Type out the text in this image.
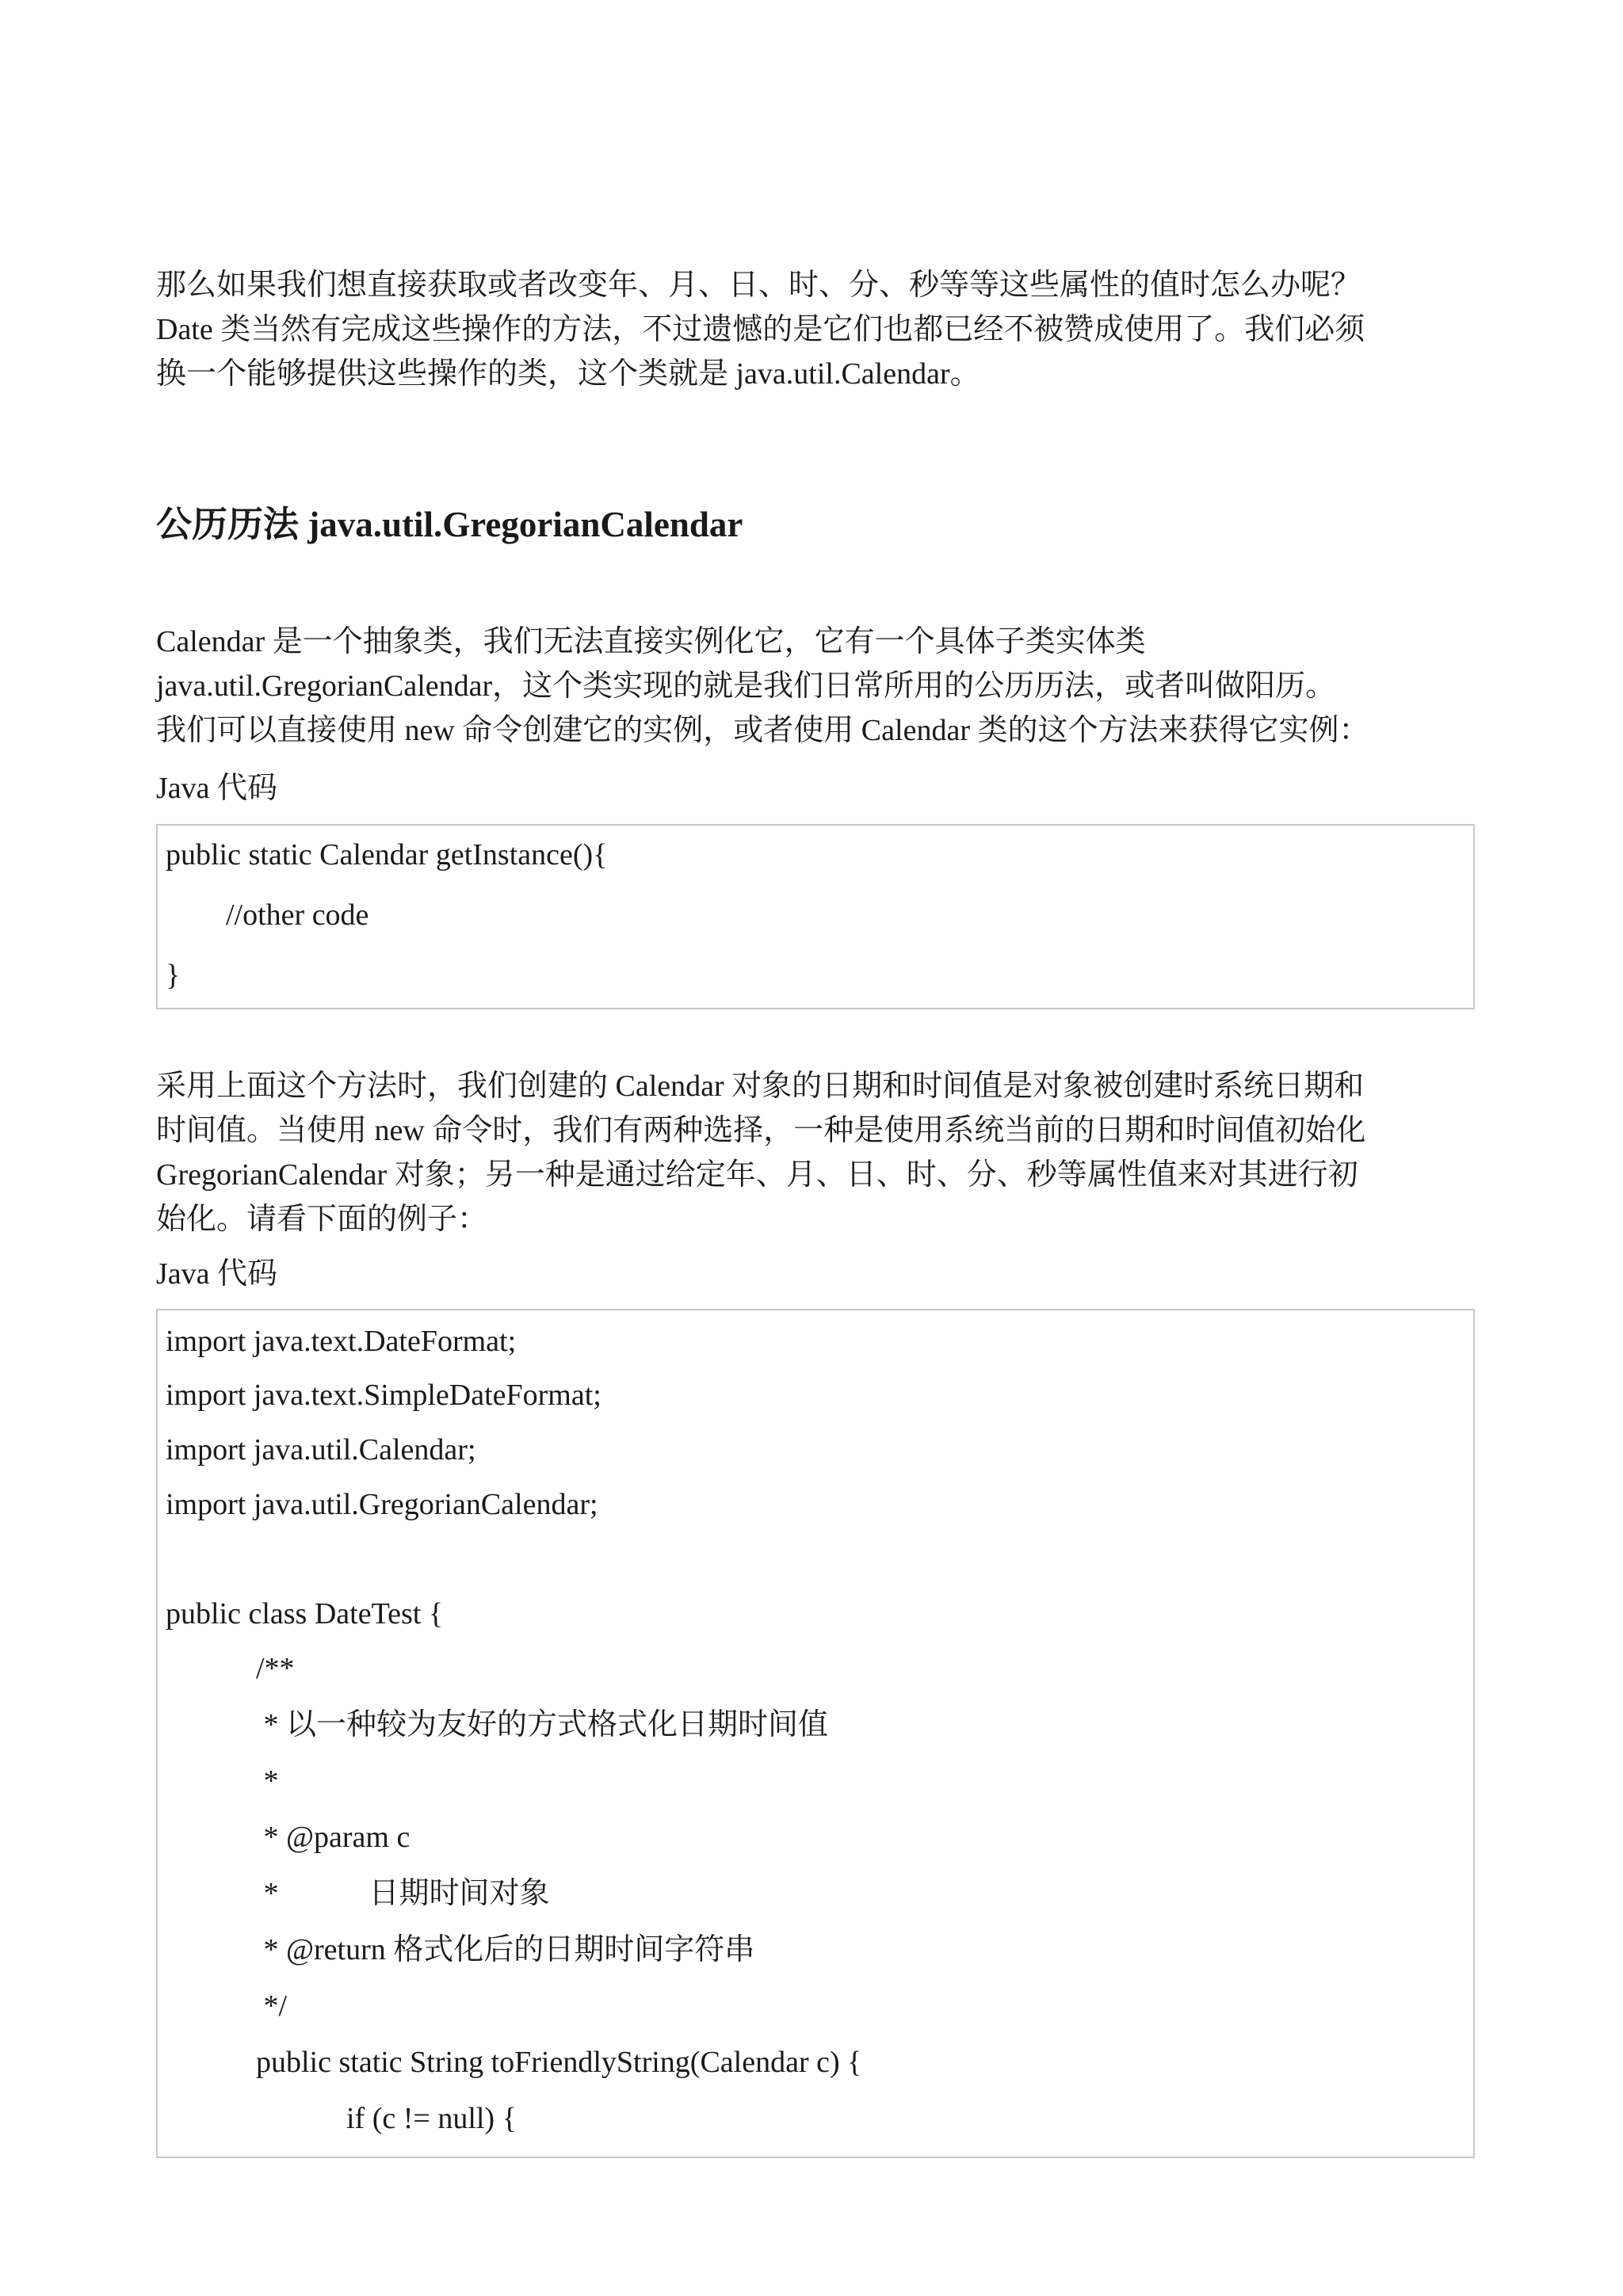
那么如果我们想直接获取或者改变年、月、日、时、分、秒等等这些属性的值时怎么办呢？
Date 类当然有完成这些操作的方法，不过遗憾的是它们也都已经不被赞成使用了。我们必须
换一个能够提供这些操作的类，这个类就是 java.util.Calendar。
公历历法 java.util.GregorianCalendar
Calendar 是一个抽象类，我们无法直接实例化它，它有一个具体子类实体类
java.util.GregorianCalendar，这个类实现的就是我们日常所用的公历历法，或者叫做阳历。
我们可以直接使用 new 命令创建它的实例，或者使用 Calendar 类的这个方法来获得它实例：
Java 代码
public static Calendar getInstance(){
//other code
}
采用上面这个方法时，我们创建的 Calendar 对象的日期和时间值是对象被创建时系统日期和
时间值。当使用 new 命令时，我们有两种选择，一种是使用系统当前的日期和时间值初始化
GregorianCalendar 对象；另一种是通过给定年、月、日、时、分、秒等属性值来对其进行初
始化。请看下面的例子：
Java 代码
import java.text.DateFormat;
import java.text.SimpleDateFormat;
import java.util.Calendar;
import java.util.GregorianCalendar;
public class DateTest {
/**
* 以一种较为友好的方式格式化日期时间值
*
* @param c
*            日期时间对象
* @return 格式化后的日期时间字符串
*/
public static String toFriendlyString(Calendar c) {
if (c != null) {
